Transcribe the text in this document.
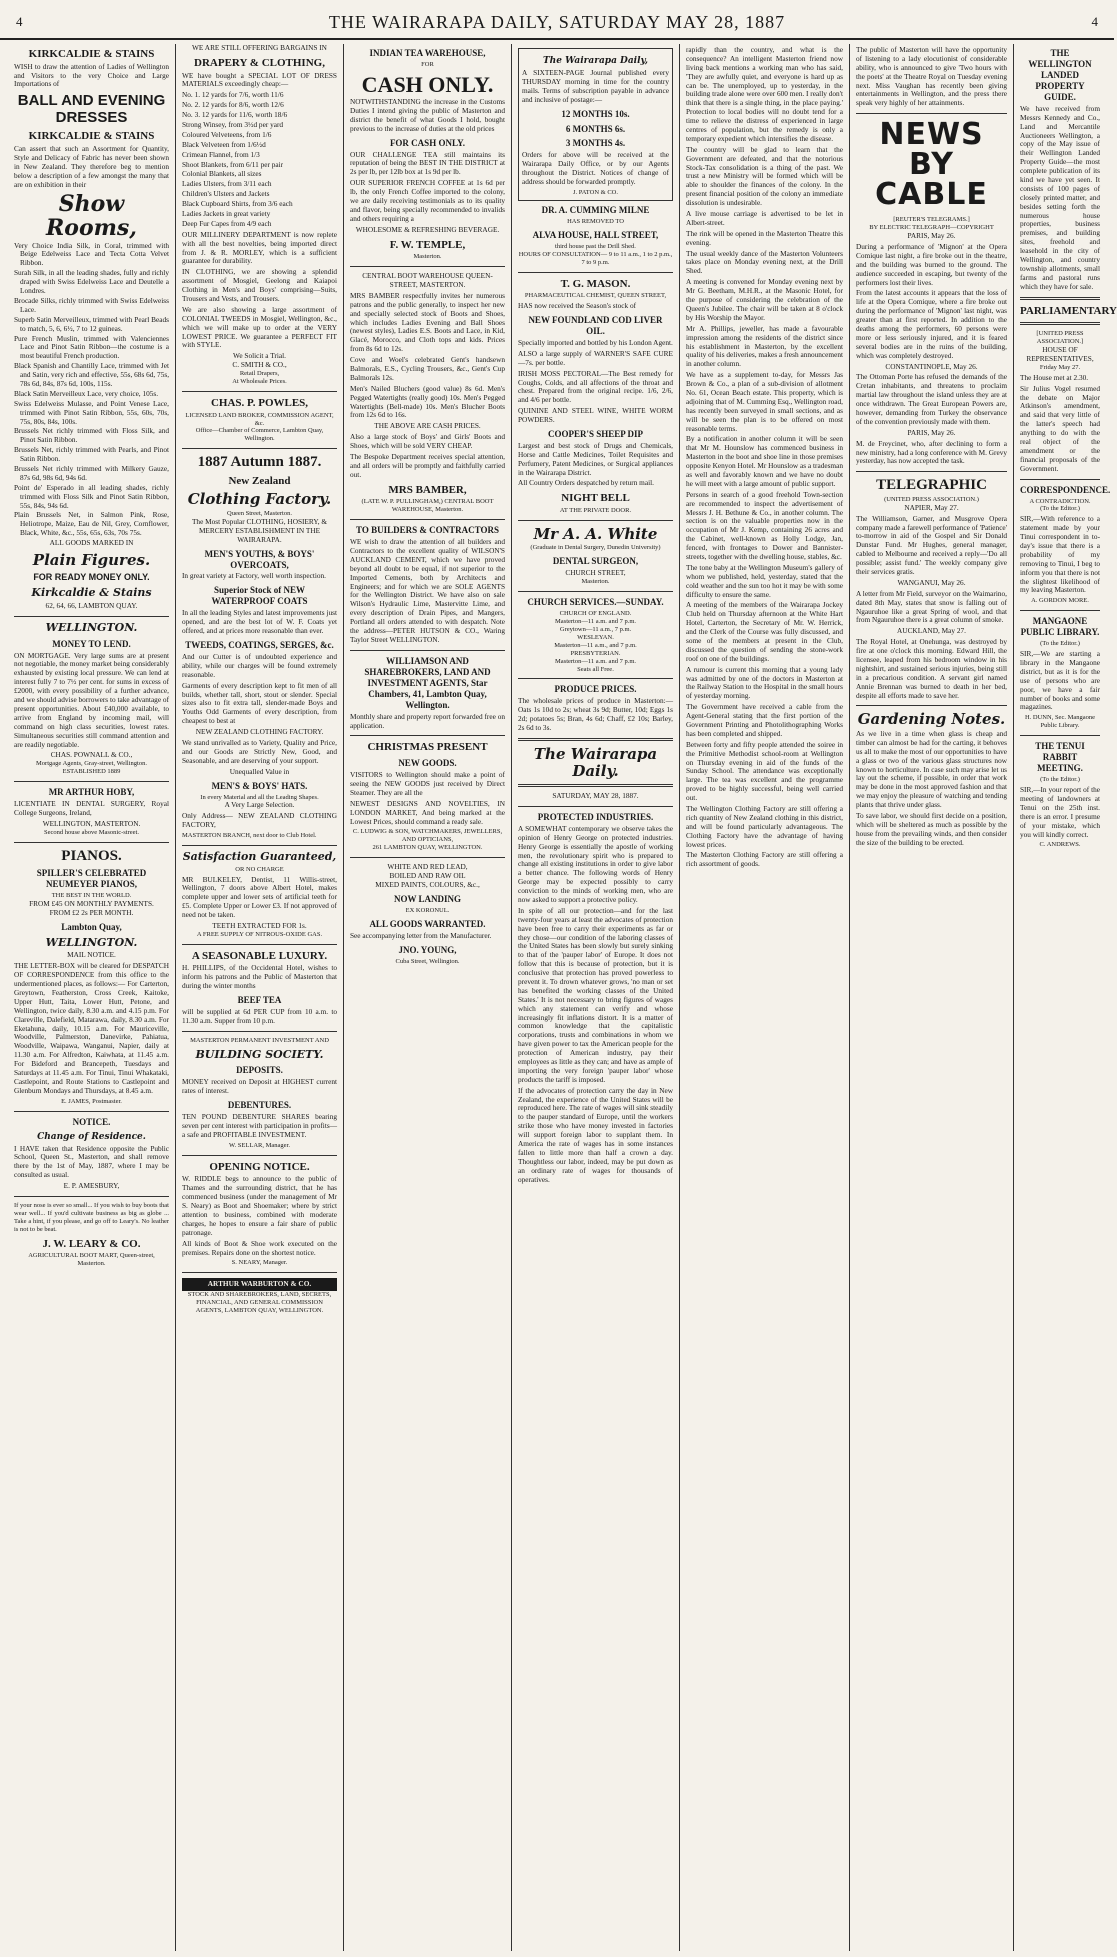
4	THE WAIRARAPA DAILY, SATURDAY MAY 28, 1887	4
KIRKCALDIE & STAINS
WISH to draw the attention of Ladies of Wellington and Visitors to the very Choice and Large Importations of
BALL AND EVENING DRESSES
KIRKCALDIE & STAINS
Can assert that such an Assortment for Quantity, Style and Delicacy of Fabric has never been shown in New Zealand. They therefore beg to mention below a description of a few amongst the many that are on exhibition in their
Show Rooms,
Very Choice India Silk, in Coral, trimmed with Beige Edelweiss Lace and Tecta Cotta Velvet Ribbon.
Surah Silk, in all the leading shades, fully and richly draped with Swiss Edelweiss Lace and Deutelle a Londres.
Brocade Silks, richly trimmed with Swiss Edelweiss Lace.
Superb Satin Merveilleux, trimmed with Pearl Beads to match, 5, 6, 6½, 7 to 12 guineas.
Pure French Muslin, trimmed with Valenciennes Lace and Pinot Satin Ribbon—the costume is a most beautiful French production.
Black Spanish and Chantilly Lace, trimmed with Jet and Satin, very rich and effective, 55s, 68s 6d, 75s, 78s 6d, 84s, 87s 6d, 100s, 115s.
Black Satin Merveilleux Lace, very choice, 105s.
Swiss Edelweiss Mulasse, and Point Venese Lace, trimmed with Pinot Satin Ribbon, 55s, 60s, 70s, 75s, 80s, 84s, 100s.
Brussels Net richly trimmed with Floss Silk, and Pinot Satin Ribbon.
Brussels Net, richly trimmed with Pearls, and Pinot Satin Ribbon.
Brussels Net richly trimmed with Milkery Gauze, 87s 6d, 98s 6d, 94s 6d.
Point de' Esperado in all leading shades, richly trimmed with Floss Silk and Pinot Satin Ribbon, 55s, 84s, 94s 6d.
Plain Brussels Net, in Salmon Pink, Rose, Heliotrope, Maize, Eau de Nil, Grey, Cornflower, Black, White, &c., 55s, 65s, 63s, 70s 75s.
ALL GOODS MARKED IN
Plain Figures.
FOR READY MONEY ONLY.
Kirkcaldie & Stains
62, 64, 66, LAMBTON QUAY.
WELLINGTON.
MONEY TO LEND.
ON MORTGAGE. Very large sums are at present not negotiable, the money market being considerably exhausted by existing local pressure. We can lend at interest fully 7 to 7½ per cent. for sums in excess of £2000, with every possibility of a further advance, and we should advise borrowers to take advantage of present opportunities. About £40,000 available, to arrive from England by incoming mail, will command on high class securities, lowest rates. Simultaneous securities still command attention and are readily negotiable.
CHAS. POWNALL & CO.,
Mortgage Agents, Gray-street, Wellington.
ESTABLISHED 1889
MR ARTHUR HOBY,
LICENTIATE IN DENTAL SURGERY, Royal College Surgeons, Ireland,
WELLINGTON, MASTERTON.
Second house above Masonic-street.
PIANOS.
SPILLER'S CELEBRATED NEUMEYER PIANOS,
THE BEST IN THE WORLD.
FROM £45 ON MONTHLY PAYMENTS.
FROM £2 2s PER MONTH.
Lambton Quay,
WELLINGTON.
MAIL NOTICE.
THE LETTER-BOX will be cleared for DESPATCH OF CORRESPONDENCE from this office to the undermentioned places, as follows:— For Carterton, Greytown, Featherston, Cross Creek, Kaitoke, Upper Hutt, Taita, Lower Hutt, Petone, and Wellington, twice daily, 8.30 a.m. and 4.15 p.m. For Clareville, Dalefield, Matarawa, daily, 8.30 a.m. For Eketahuna, daily, 10.15 a.m. For Mauriceville, Woodville, Palmerston, Danevirke, Pahiatua, Woodville, Waipawa, Wanganui, Napier, daily at 11.30 a.m. For Alfredton, Kaiwhata, at 11.45 a.m. For Bideford and Brancepeth, Tuesdays and Saturdays at 11.45 a.m. For Tinui, Tinui Whakataki, Castlepoint, and Route Stations to Castlepoint and Glenburn Mondays and Thursdays, at 8.45 a.m.
E. JAMES, Postmaster.
NOTICE.
Change of Residence.
I HAVE taken that Residence opposite the Public School, Queen St., Masterton, and shall remove there by the 1st of May, 1887, where I may be consulted as usual.
E. P. AMESBURY,
If your nose is ever so small... If you wish to buy boots that wear well... If you'd cultivate business as big as globe ... Take a hint, if you please, and go off to Leary's. No leather is not to be beat.
J. W. LEARY & CO.
AGRICULTURAL BOOT MART, Queen-street, Masterton.
WE ARE STILL OFFERING BARGAINS IN
DRAPERY & CLOTHING,
WE have bought a SPECIAL LOT OF DRESS MATERIALS exceedingly cheap:—
No. 1. 12 yards for 7/6, worth 11/6
No. 2. 12 yards for 8/6, worth 12/6
No. 3. 12 yards for 11/6, worth 18/6
Strong Winsey, from 3½d per yard
Coloured Velveteens, from 1/6
Black Velveteen from 1/6½d
Crimean Flannel, from 1/3
Shoot Blankets, from 6/11 per pair
Colonial Blankets, all sizes
Ladies Ulsters, from 3/11 each
Children's Ulsters and Jackets
Black Cupboard Shirts, from 3/6 each
Ladies Jackets in great variety
Deep Fur Capes from 4/9 each
OUR MILLINERY DEPARTMENT is now replete with all the best novelties, being imported direct from J. & R. MORLEY, which is a sufficient guarantee for durability.
IN CLOTHING, we are showing a splendid assortment of Mosgiel, Geelong and Kaiapoi Clothing in Men's and Boys' comprising—Suits, Trousers and Vests, and Trousers.
We are also showing a large assortment of COLONIAL TWEEDS in Mosgiel, Wellington, &c., which we will make up to order at the VERY LOWEST PRICE. We guarantee a PERFECT FIT with STYLE.
We Solicit a Trial.
C. SMITH & CO.,
Retail Drapers,
At Wholesale Prices.
CHAS. P. POWLES,
LICENSED LAND BROKER, COMMISSION AGENT, &c.
Office—Chamber of Commerce, Lambton Quay, Wellington.
1887 Autumn 1887.
New Zealand
Clothing Factory.
Queen Street, Masterton.
The Most Popular CLOTHING, HOSIERY, & MERCERY ESTABLISHMENT IN THE WAIRARAPA.
MEN'S YOUTHS, & BOYS' OVERCOATS,
In great variety at Factory, well worth inspection.
Superior Stock of NEW WATERPROOF COATS
In all the leading Styles and latest improvements just opened, and are the best lot of W. F. Coats yet offered, and at prices more reasonable than ever.
TWEEDS, COATINGS, SERGES, &c.
And our Cutter is of undoubted experience and ability, while our charges will be found extremely reasonable.
Garments of every description kept to fit men of all builds, whether tall, short, stout or slender. Special sizes also to fit extra tall, slender-made Boys and Youths Odd Garments of every description, from cheapest to best at
NEW ZEALAND CLOTHING FACTORY.
We stand unrivalled as to Variety, Quality and Price, and our Goods are Strictly New, Good, and Seasonable, and are deserving of your support.
Unequalled Value in
MEN'S & BOYS' HATS.
In every Material and all the Leading Shapes.
A Very Large Selection.
Only Address— NEW ZEALAND CLOTHING FACTORY,
MASTERTON BRANCH, next door to Club Hotel.
Satisfaction Guaranteed,
OR NO CHARGE
MR BULKELEY, Dentist, 11 Willis-street, Wellington, 7 doors above Albert Hotel, makes complete upper and lower sets of artificial teeth for £5. Complete Upper or Lower £3. If not approved of need not be taken.
TEETH EXTRACTED FOR 1s.
A FREE SUPPLY OF NITROUS-OXIDE GAS.
A SEASONABLE LUXURY.
H. PHILLIPS, of the Occidental Hotel, wishes to inform his patrons and the Public of Masterton that during the winter months
BEEF TEA
will be supplied at 6d PER CUP from 10 a.m. to 11.30 a.m. Supper from 10 p.m.
MASTERTON PERMANENT INVESTMENT AND
BUILDING SOCIETY.
DEPOSITS.
MONEY received on Deposit at HIGHEST current rates of interest.
DEBENTURES.
TEN POUND DEBENTURE SHARES bearing seven per cent interest with participation in profits—a safe and PROFITABLE INVESTMENT.
W. SELLAR, Manager.
OPENING NOTICE.
W. RIDDLE begs to announce to the public of Thames and the surrounding district, that he has commenced business (under the management of Mr S. Neary) as Boot and Shoemaker; where by strict attention to business, combined with moderate charges, he hopes to ensure a fair share of public patronage.
All kinds of Boot & Shoe work executed on the premises. Repairs done on the shortest notice.
S. NEARY, Manager.
ARTHUR WARBURTON & CO.
STOCK AND SHAREBROKERS, LAND, SECRETS, FINANCIAL, AND GENERAL COMMISSION AGENTS, LAMBTON QUAY, WELLINGTON.
INDIAN TEA WAREHOUSE,
FOR
CASH ONLY.
NOTWITHSTANDING the increase in the Customs Duties I intend giving the public of Masterton and district the benefit of what Goods I hold, bought previous to the increase of duties at the old prices
FOR CASH ONLY.
OUR CHALLENGE TEA still maintains its reputation of being the BEST IN THE DISTRICT at 2s per lb, per 12lb box at 1s 9d per lb.
OUR SUPERIOR FRENCH COFFEE at 1s 6d per lb, the only French Coffee imported to the colony, we are daily receiving testimonials as to its quality and flavor, being specially recommended to invalids and others requiring a
WHOLESOME & REFRESHING BEVERAGE.
F. W. TEMPLE,
Masterton.
CENTRAL BOOT WAREHOUSE QUEEN-STREET, MASTERTON.
MRS BAMBER respectfully invites her numerous patrons and the public generally, to inspect her new and specially selected stock of Boots and Shoes, which includes Ladies Evening and Ball Shoes (newest styles), Ladies E.S. Boots and Lace, in Kid, Glacé, Morocco, and Cloth tops and kids. Prices from 8s 6d to 12s.
Cove and Woel's celebrated Gent's handsewn Balmorals, E.S., Cycling Trousers, &c., Gent's Cup Balmorals 12s.
Men's Nailed Bluchers (good value) 8s 6d. Men's Pegged Watertights (really good) 10s. Men's Pegged Watertights (Bell-made) 10s. Men's Blucher Boots from 12s 6d to 16s.
THE ABOVE ARE CASH PRICES.
Also a large stock of Boys' and Girls' Boots and Shoes, which will be sold VERY CHEAP.
The Bespoke Department receives special attention, and all orders will be promptly and faithfully carried out.
MRS BAMBER,
(LATE W. P. PULLINGHAM,) CENTRAL BOOT WAREHOUSE, Masterton.
TO BUILDERS & CONTRACTORS
WE wish to draw the attention of all builders and Contractors to the excellent quality of WILSON'S AUCKLAND CEMENT, which we have proved beyond all doubt to be equal, if not superior to the Imported Cements, both by Architects and Engineers; and for which we are SOLE AGENTS for the Wellington District. We have also on sale Wilson's Hydraulic Lime, Mastervitte Lime, and every description of Drain Pipes, and Mangers, Portland all orders attended to with despatch. Note the address—PETER HUTSON & CO., Waring Taylor Street WELLINGTON.
WILLIAMSON AND SHAREBROKERS, LAND AND INVESTMENT AGENTS, Star Chambers, 41, Lambton Quay, Wellington.
Monthly share and property report forwarded free on application.
CHRISTMAS PRESENT
NEW GOODS.
VISITORS to Wellington should make a point of seeing the NEW GOODS just received by Direct Steamer. They are all the
NEWEST DESIGNS AND NOVELTIES, IN LONDON MARKET, And being marked at the Lowest Prices, should command a ready sale.
C. LUDWIG & SON, WATCHMAKERS, JEWELLERS, AND OPTICIANS,
261 LAMBTON QUAY, WELLINGTON.
WHITE AND RED LEAD,
BOILED AND RAW OIL
MIXED PAINTS, COLOURS, &c.,
NOW LANDING
EX KORONUL.
ALL GOODS WARRANTED.
See accompanying letter from the Manufacturer.
JNO. YOUNG,
Cuba Street, Wellington.
The Wairarapa Daily,
A SIXTEEN-PAGE Journal published every THURSDAY morning in time for the country mails. Terms of subscription payable in advance and inclusive of postage:—
12 MONTHS 10s.
6 MONTHS 6s.
3 MONTHS 4s.
Orders for above will be received at the Wairarapa Daily Office, or by our Agents throughout the District. Notices of change of address should be forwarded promptly.
J. PATON & CO.
DR. A. CUMMING MILNE
HAS REMOVED TO
ALVA HOUSE, HALL STREET,
third house past the Drill Shed.
HOURS OF CONSULTATION— 9 to 11 a.m., 1 to 2 p.m., 7 to 9 p.m.
T. G. MASON.
PHARMACEUTICAL CHEMIST, QUEEN STREET,
HAS now received the Season's stock of
NEW FOUNDLAND COD LIVER OIL.
Specially imported and bottled by his London Agent.
ALSO a large supply of WARNER'S SAFE CURE—7s. per bottle.
IRISH MOSS PECTORAL—The Best remedy for Coughs, Colds, and all affections of the throat and chest. Prepared from the original recipe. 1/6, 2/6, and 4/6 per bottle.
QUININE AND STEEL WINE, WHITE WORM POWDERS.
COOPER'S SHEEP DIP
Largest and best stock of Drugs and Chemicals, Horse and Cattle Medicines, Toilet Requisites and Perfumery, Patent Medicines, or Surgical appliances in the Wairarapa District.
All Country Orders despatched by return mail.
NIGHT BELL
AT THE PRIVATE DOOR.
Mr A. A. White
(Graduate in Dental Surgery, Dunedin University)
DENTAL SURGEON,
CHURCH STREET,
Masterton.
CHURCH SERVICES.—SUNDAY.
CHURCH OF ENGLAND.
Masterton—11 a.m. and 7 p.m.
Greytown—11 a.m., 7 p.m.
WESLEYAN.
Masterton—11 a.m., and 7 p.m.
PRESBYTERIAN.
Masterton—11 a.m. and 7 p.m.
Seats all Free.
PRODUCE PRICES.
The wholesale prices of produce in Masterton:—Oats 1s 10d to 2s; wheat 3s 9d; Butter, 10d; Eggs 1s 2d; potatoes 5s; Bran, 4s 6d; Chaff, £2 10s; Barley, 2s 6d to 3s.
The Wairarapa Daily.
SATURDAY, MAY 28, 1887.
PROTECTED INDUSTRIES.
A SOMEWHAT contemporary we observe takes the opinion of Henry George on protected industries. Henry George is essentially the apostle of working men, the revolutionary spirit who is prepared to change all existing institutions in order to give labor a better chance. The following words of Henry George may be expected possibly to carry conviction to the minds of working men, who are now asked to support a protective policy.
In spite of all our protection—and for the last twenty-four years at least the advocates of protection have been free to carry their experiments as far or they chose—our condition of the laboring classes of the United States has been slowly but surely sinking to that of the 'pauper labor' of Europe. It does not follow that this is because of protection, but it is conclusive that protection has proved powerless to prevent it. To drown whatever grows, 'no man or set has benefited the working classes of the United States.' It is not necessary to bring figures of wages which any statement can verify and whose increasingly fit inflations distort. It is a matter of common knowledge that the capitalistic corporations, trusts and combinations in whom we have given power to tax the American people for the protection of American industry, pay their employees as little as they can; and have as ample of importing the very foreign 'pauper labor' whose products the tariff is imposed.
If the advocates of protection carry the day in New Zealand, the experience of the United States will be reproduced here. The rate of wages will sink steadily to the pauper standard of Europe, until the workers strike those who have money invested in factories will support foreign labor to supplant them. In America the rate of wages has in some instances fallen to little more than half a crown a day. Thoughtless our labor, indeed, may be put down as an ordinary rate of wages for thousands of operatives.
rapidly than the country, and what is the consequence? An intelligent Masterton friend now living back mentions a working man who has said, 'They are awfully quiet, and everyone is hard up as can be. The unemployed, up to yesterday, in the building trade alone were over 600 men. I really don't think that there is a single thing, in the place paying.' Protection to local bodies will no doubt tend for a time to relieve the distress of experienced in large centres of population, but the remedy is only a temporary expedient which intensifies the disease.
The country will be glad to learn that the Government are defeated, and that the notorious Stock-Tax consolidation is a thing of the past. We trust a new Ministry will be formed which will be able to shoulder the finances of the colony. In the present financial position of the colony an immediate dissolution is undesirable.
A live mouse carriage is advertised to be let in Albert-street.
The rink will be opened in the Masterton Theatre this evening.
The usual weekly dance of the Masterton Volunteers takes place on Monday evening next, at the Drill Shed.
A meeting is convened for Monday evening next by Mr G. Beetham, M.H.R., at the Masonic Hotel, for the purpose of considering the celebration of the Queen's Jubilee. The chair will be taken at 8 o'clock by His Worship the Mayor.
Mr A. Phillips, jeweller, has made a favourable impression among the residents of the district since his establishment in Masterton, by the excellent quality of his deliveries, makes a fresh announcement in another column.
We have as a supplement to-day, for Messrs Jas Brown & Co., a plan of a sub-division of allotment No. 61, Ocean Beach estate. This property, which is adjoining that of M. Cumming Esq., Wellington road, has recently been surveyed in small sections, and as will be seen the plan is to be offered on most reasonable terms.
By a notification in another column it will be seen that Mr M. Hounslow has commenced business in Masterton in the boot and shoe line in those premises opposite Kenyon Hotel. Mr Hounslow as a tradesman as well and favorably known and we have no doubt he will meet with a large amount of public support.
Persons in search of a good freehold Town-section are recommended to inspect the advertisement of Messrs J. H. Bethune & Co., in another column. The section is on the valuable properties now in the occupation of Mr J. Kemp, containing 26 acres and the Cabinet, well-known as Holly Lodge, Jan, fenced, with frontages to Dower and Bannister-streets, together with the dwelling house, stables, &c.
The tone baby at the Wellington Museum's gallery of whom we published, held, yesterday, stated that the cold weather and the sun too hot it may be with some difficulty to ensure the same.
A meeting of the members of the Wairarapa Jockey Club held on Thursday afternoon at the White Hart Hotel, Carterton, the Secretary of Mr. W. Herrick, and the Clerk of the Course was fully discussed, and some of the members at present in the Club, discussed the question of sending the stone-work roof on one of the buildings.
A rumour is current this morning that a young lady was admitted by one of the doctors in Masterton at the Railway Station to the Hospital in the small hours of yesterday morning.
The Government have received a cable from the Agent-General stating that the first portion of the Government Printing and Photolithographing Works has been completed and shipped.
Between forty and fifty people attended the soiree in the Primitive Methodist school-room at Wellington on Thursday evening in aid of the funds of the Sunday School. The attendance was exceptionally large. The tea was excellent and the programme proved to be highly successful, being well carried out.
The Wellington Clothing Factory are still offering a rich quantity of New Zealand clothing in this district, and will be found particularly advantageous. The Clothing Factory have the advantage of having lowest prices.
The Masterton Clothing Factory are still offering a rich assortment of goods.
The public of Masterton will have the opportunity of listening to a lady elocutionist of considerable ability, who is announced to give 'Two hours with the poets' at the Theatre Royal on Tuesday evening next. Miss Vaughan has recently been giving entertainments in Wellington, and the press there speak very highly of her attainments.
NEWS BY CABLE
[REUTER'S TELEGRAMS.]
BY ELECTRIC TELEGRAPH—COPYRIGHT
PARIS, May 26.
During a performance of 'Mignon' at the Opera Comique last night, a fire broke out in the theatre, and the building was burned to the ground. The audience succeeded in escaping, but twenty of the performers lost their lives.
From the latest accounts it appears that the loss of life at the Opera Comique, where a fire broke out during the performance of 'Mignon' last night, was greater than at first reported. In addition to the deaths among the performers, 60 persons were more or less seriously injured, and it is feared several bodies are in the ruins of the building, which was completely destroyed.
CONSTANTINOPLE, May 26.
The Ottoman Porte has refused the demands of the Cretan inhabitants, and threatens to proclaim martial law throughout the island unless they are at once withdrawn. The Great European Powers are, however, demanding from Turkey the observance of the convention previously made with them.
PARIS, May 26.
M. de Freycinet, who, after declining to form a new ministry, had a long conference with M. Grevy yesterday, has now accepted the task.
TELEGRAPHIC
(UNITED PRESS ASSOCIATION.)
NAPIER, May 27.
The Williamson, Garner, and Musgrove Opera company made a farewell performance of 'Patience' to-morrow in aid of the Gospel and Sir Donald Dunstar Fund. Mr Hughes, general manager, cabled to Melbourne and received a reply—'Do all possible; assist fund.' The weekly company give their services gratis.
WANGANUI, May 26.
A letter from Mr Field, surveyor on the Waimarino, dated 8th May, states that snow is falling out of Ngauruhoe like a great Spring of wool, and that from Ngauruhoe there is a great column of smoke.
AUCKLAND, May 27.
The Royal Hotel, at Onehunga, was destroyed by fire at one o'clock this morning. Edward Hill, the licensee, leaped from his bedroom window in his nightshirt, and sustained serious injuries, being still in a precarious condition. A servant girl named Annie Brennan was burned to death in her bed, despite all efforts made to save her.
Gardening Notes.
As we live in a time when glass is cheap and timber can almost be had for the carting, it behoves us all to make the most of our opportunities to have a glass or two of the various glass structures now known to horticulture. In case such may arise let us lay out the scheme, if possible, in order that work may be done in the most approved fashion and that we may enjoy the pleasure of watching and tending plants that thrive under glass.
To save labor, we should first decide on a position, which will be sheltered as much as possible by the house from the prevailing winds, and then consider the size of the building to be erected.
THE WELLINGTON LANDED PROPERTY GUIDE.
We have received from Messrs Kennedy and Co., Land and Mercantile Auctioneers Wellington, a copy of the May issue of their Wellington Landed Property Guide—the most complete publication of its kind we have yet seen. It consists of 100 pages of closely printed matter, and besides setting forth the numerous house properties, business premises, and building sites, freehold and leasehold in the city of Wellington, and country township allotments, small farms and pastoral runs which they have for sale.
PARLIAMENTARY
[UNITED PRESS ASSOCIATION.]
HOUSE OF REPRESENTATIVES,
Friday May 27.
The House met at 2.30.
Sir Julius Vogel resumed the debate on Major Atkinson's amendment, and said that very little of the latter's speech had anything to do with the real object of the amendment or the financial proposals of the Government.
CORRESPONDENCE.
A CONTRADICTION.
(To the Editor.)
SIR,—With reference to a statement made by your Tinui correspondent in to-day's issue that there is a probability of my removing to Tinui, I beg to inform you that there is not the slightest likelihood of my leaving Masterton.
A. GORDON MORE.
MANGAONE PUBLIC LIBRARY.
(To the Editor.)
SIR,—We are starting a library in the Mangaone district, but as it is for the use of persons who are poor, we have a fair number of books and some magazines.
H. DUNN, Sec. Mangaone Public Library.
THE TENUI RABBIT MEETING.
(To the Editor.)
SIR,—In your report of the meeting of landowners at Tenui on the 25th inst. there is an error. I presume of your mistake, which you will kindly correct.
C. ANDREWS.
